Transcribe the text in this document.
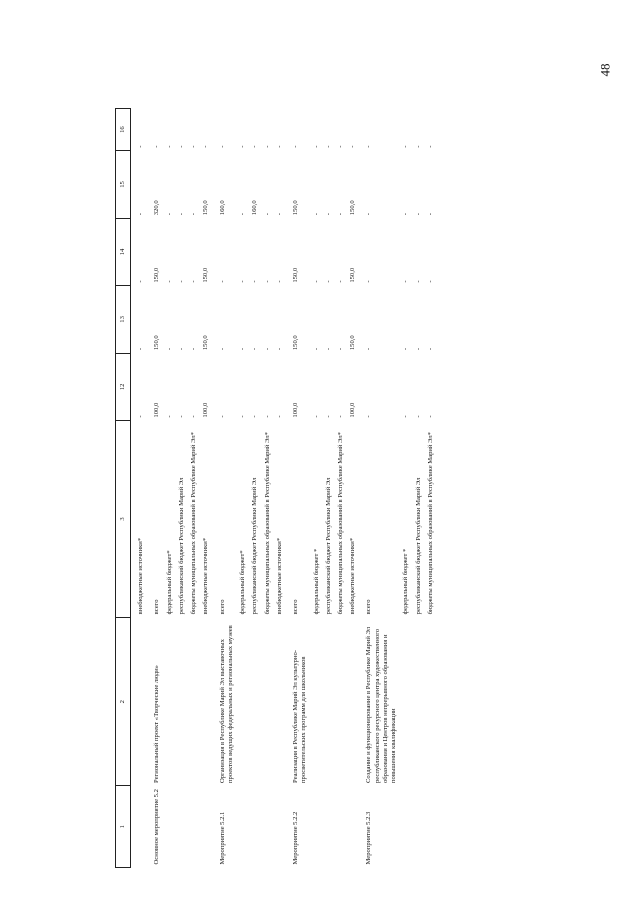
48
1	2	3	12	13	14	15	16
		внебюджетные источники*	-	-	-	-	-
Основное мероприятие 5.2	Региональный проект «Творческие люди»	всего	100,0	150,0	150,0	320,0	-
		федеральный бюджет*	-	-	-	-	-
		республиканский бюджет Республики Марий Эл	-	-	-	-	-
		бюджеты муниципальных образований в Республике Марий Эл*	-	-	-	-	-
		внебюджетные источники*	100,0	150,0	150,0	150,0	-
Мероприятие 5.2.1	Организация в Республике Марий Эл выставочных проектов ведущих федеральных и региональных музеев	всего	-	-	-	160,0	-
		федеральный бюджет*	-	-	-	-	-
		республиканский бюджет Республики Марий Эл	-	-	-	160,0	-
		бюджеты муниципальных образований в Республике Марий Эл*	-	-	-	-	-
		внебюджетные источники*	-	-	-	-	-
Мероприятие 5.2.2	Реализация в Республике Марий Эл культурно-просветительских программ для школьников	всего	100,0	150,0	150,0	150,0	-
		федеральный бюджет *	-	-	-	-	-
		республиканский бюджет Республики Марий Эл	-	-	-	-	-
		бюджеты муниципальных образований в Республике Марий Эл*	-	-	-	-	-
		внебюджетные источники*	100,0	150,0	150,0	150,0	-
Мероприятие 5.2.3	Создание и функционирование в Республике Марий Эл республиканского ресурсного центра художественного образования и Центров непрерывного образования и повышения квалификации	всего	-	-	-	-	-
		федеральный бюджет *	-	-	-	-	-
		республиканский бюджет Республики Марий Эл	-	-	-	-	-
		бюджеты муниципальных образований в Республике Марий Эл*	-	-	-	-	-
